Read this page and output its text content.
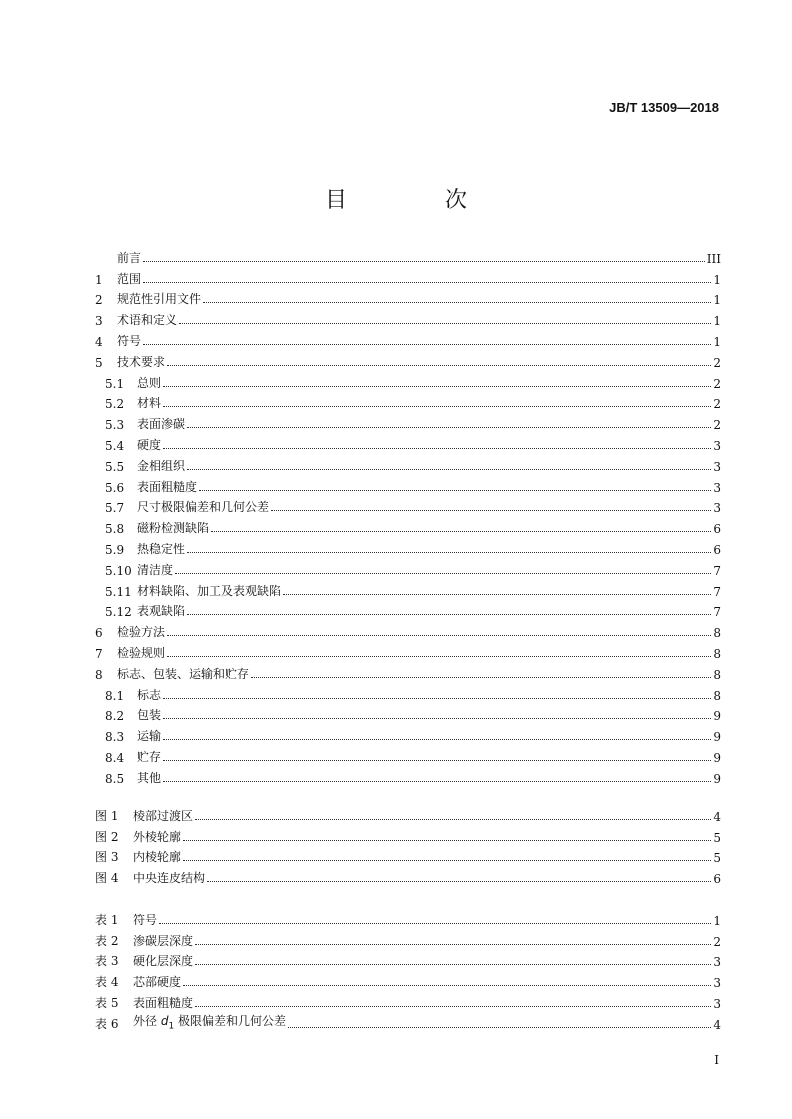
JB/T 13509—2018
目　次
前言	III
1	范围	1
2	规范性引用文件	1
3	术语和定义	1
4	符号	1
5	技术要求	2
5.1	总则	2
5.2	材料	2
5.3	表面渗碳	2
5.4	硬度	3
5.5	金相组织	3
5.6	表面粗糙度	3
5.7	尺寸极限偏差和几何公差	3
5.8	磁粉检测缺陷	6
5.9	热稳定性	6
5.10 清洁度	7
5.11 材料缺陷、加工及表观缺陷	7
5.12 表观缺陷	7
6	检验方法	8
7	检验规则	8
8	标志、包装、运输和贮存	8
8.1	标志	8
8.2	包装	9
8.3	运输	9
8.4	贮存	9
8.5	其他	9
图 1	棱部过渡区	4
图 2	外棱轮廓	5
图 3	内棱轮廓	5
图 4	中央连皮结构	6
表 1	符号	1
表 2	渗碳层深度	2
表 3	硬化层深度	3
表 4	芯部硬度	3
表 5	表面粗糙度	3
表 6	外径 $d_1$ 极限偏差和几何公差	4
I
